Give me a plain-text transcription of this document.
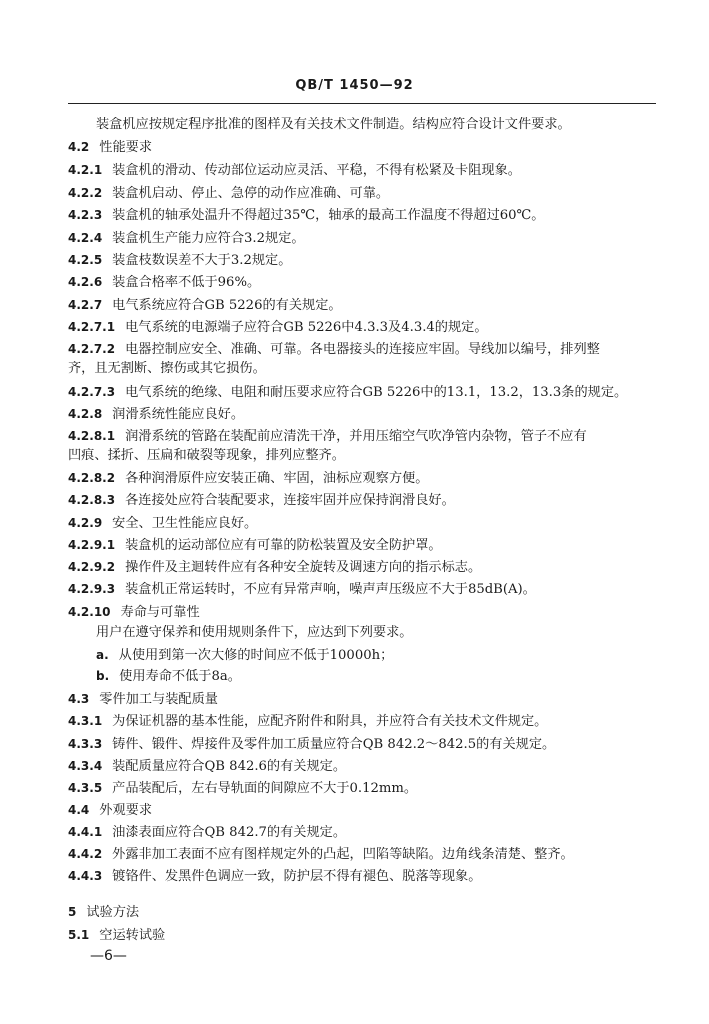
QB/T 1450—92
装盒机应按规定程序批准的图样及有关技术文件制造。结构应符合设计文件要求。
4.2 性能要求
4.2.1 装盒机的滑动、传动部位运动应灵活、平稳，不得有松紧及卡阻现象。
4.2.2 装盒机启动、停止、急停的动作应准确、可靠。
4.2.3 装盒机的轴承处温升不得超过35℃，轴承的最高工作温度不得超过60℃。
4.2.4 装盒机生产能力应符合3.2规定。
4.2.5 装盒枝数误差不大于3.2规定。
4.2.6 装盒合格率不低于96%。
4.2.7 电气系统应符合GB 5226的有关规定。
4.2.7.1 电气系统的电源端子应符合GB 5226中4.3.3及4.3.4的规定。
4.2.7.2 电器控制应安全、准确、可靠。各电器接头的连接应牢固。导线加以编号，排列整
齐，且无割断、擦伤或其它损伤。
4.2.7.3 电气系统的绝缘、电阻和耐压要求应符合GB 5226中的13.1，13.2，13.3条的规定。
4.2.8 润滑系统性能应良好。
4.2.8.1 润滑系统的管路在装配前应清洗干净，并用压缩空气吹净管内杂物，管子不应有
凹痕、揉折、压扁和破裂等现象，排列应整齐。
4.2.8.2 各种润滑原件应安装正确、牢固，油标应观察方便。
4.2.8.3 各连接处应符合装配要求，连接牢固并应保持润滑良好。
4.2.9 安全、卫生性能应良好。
4.2.9.1 装盒机的运动部位应有可靠的防松装置及安全防护罩。
4.2.9.2 操作件及主迴转件应有各种安全旋转及调速方向的指示标志。
4.2.9.3 装盒机正常运转时，不应有异常声响，噪声声压级应不大于85dB(A)。
4.2.10 寿命与可靠性
用户在遵守保养和使用规则条件下，应达到下列要求。
a. 从使用到第一次大修的时间应不低于10000h；
b. 使用寿命不低于8a。
4.3 零件加工与装配质量
4.3.1 为保证机器的基本性能，应配齐附件和附具，并应符合有关技术文件规定。
4.3.3 铸件、锻件、焊接件及零件加工质量应符合QB 842.2～842.5的有关规定。
4.3.4 装配质量应符合QB 842.6的有关规定。
4.3.5 产品装配后，左右导轨面的间隙应不大于0.12mm。
4.4 外观要求
4.4.1 油漆表面应符合QB 842.7的有关规定。
4.4.2 外露非加工表面不应有图样规定外的凸起，凹陷等缺陷。边角线条清楚、整齐。
4.4.3 镀铬件、发黑件色调应一致，防护层不得有褪色、脱落等现象。
5 试验方法
5.1 空运转试验
—6—
